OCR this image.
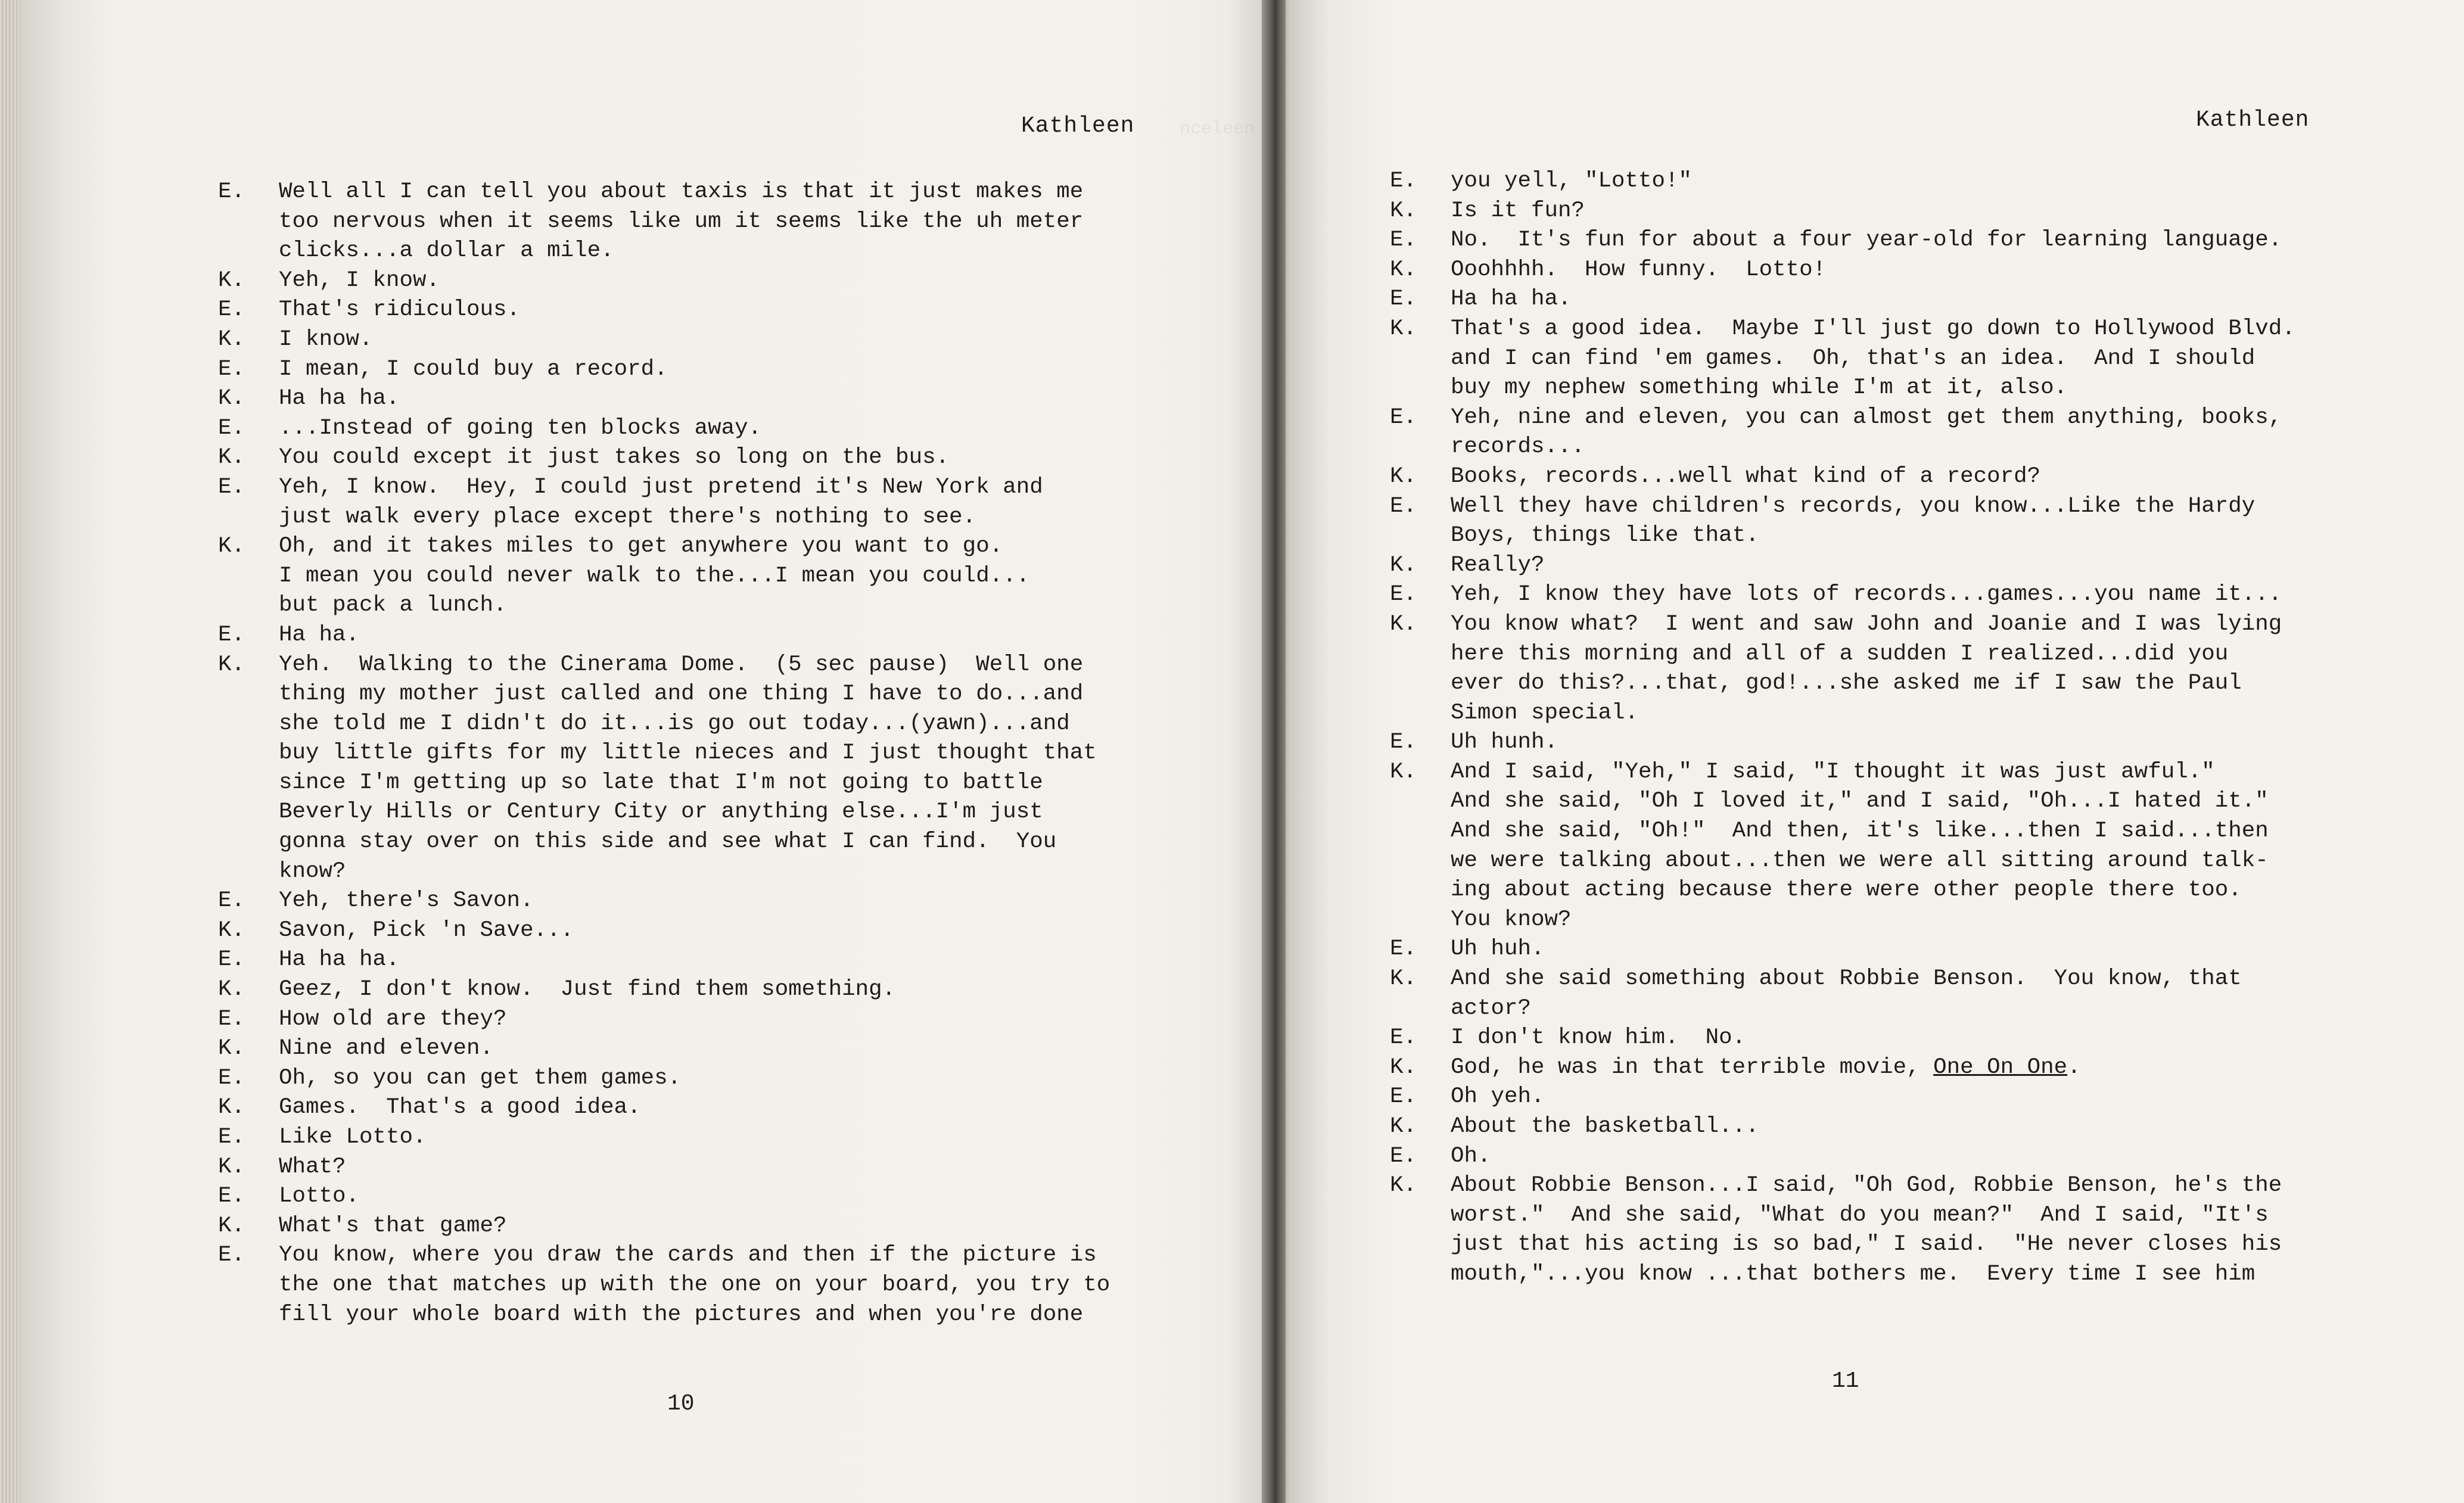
nceleen
Kathleen
E.	Well all I can tell you about taxis is that it just makes me
too nervous when it seems like um it seems like the uh meter
clicks...a dollar a mile.
K.	Yeh, I know.
E.	That's ridiculous.
K.	I know.
E.	I mean, I could buy a record.
K.	Ha ha ha.
E.	...Instead of going ten blocks away.
K.	You could except it just takes so long on the bus.
E.	Yeh, I know.  Hey, I could just pretend it's New York and
just walk every place except there's nothing to see.
K.	Oh, and it takes miles to get anywhere you want to go.
I mean you could never walk to the...I mean you could...
but pack a lunch.
E.	Ha ha.
K.	Yeh.  Walking to the Cinerama Dome.  (5 sec pause)  Well one
thing my mother just called and one thing I have to do...and
she told me I didn't do it...is go out today...(yawn)...and
buy little gifts for my little nieces and I just thought that
since I'm getting up so late that I'm not going to battle
Beverly Hills or Century City or anything else...I'm just
gonna stay over on this side and see what I can find.  You
know?
E.	Yeh, there's Savon.
K.	Savon, Pick 'n Save...
E.	Ha ha ha.
K.	Geez, I don't know.  Just find them something.
E.	How old are they?
K.	Nine and eleven.
E.	Oh, so you can get them games.
K.	Games.  That's a good idea.
E.	Like Lotto.
K.	What?
E.	Lotto.
K.	What's that game?
E.	You know, where you draw the cards and then if the picture is
the one that matches up with the one on your board, you try to
fill your whole board with the pictures and when you're done
10
Kathleen
E.	you yell, "Lotto!"
K.	Is it fun?
E.	No.  It's fun for about a four year-old for learning language.
K.	Ooohhhh.  How funny.  Lotto!
E.	Ha ha ha.
K.	That's a good idea.  Maybe I'll just go down to Hollywood Blvd.
and I can find 'em games.  Oh, that's an idea.  And I should
buy my nephew something while I'm at it, also.
E.	Yeh, nine and eleven, you can almost get them anything, books,
records...
K.	Books, records...well what kind of a record?
E.	Well they have children's records, you know...Like the Hardy
Boys, things like that.
K.	Really?
E.	Yeh, I know they have lots of records...games...you name it...
K.	You know what?  I went and saw John and Joanie and I was lying
here this morning and all of a sudden I realized...did you
ever do this?...that, god!...she asked me if I saw the Paul
Simon special.
E.	Uh hunh.
K.	And I said, "Yeh," I said, "I thought it was just awful."
And she said, "Oh I loved it," and I said, "Oh...I hated it."
And she said, "Oh!"  And then, it's like...then I said...then
we were talking about...then we were all sitting around talk-
ing about acting because there were other people there too.
You know?
E.	Uh huh.
K.	And she said something about Robbie Benson.  You know, that
actor?
E.	I don't know him.  No.
K.	God, he was in that terrible movie, One On One.
E.	Oh yeh.
K.	About the basketball...
E.	Oh.
K.	About Robbie Benson...I said, "Oh God, Robbie Benson, he's the
worst."  And she said, "What do you mean?"  And I said, "It's
just that his acting is so bad," I said.  "He never closes his
mouth,"...you know ...that bothers me.  Every time I see him
11
